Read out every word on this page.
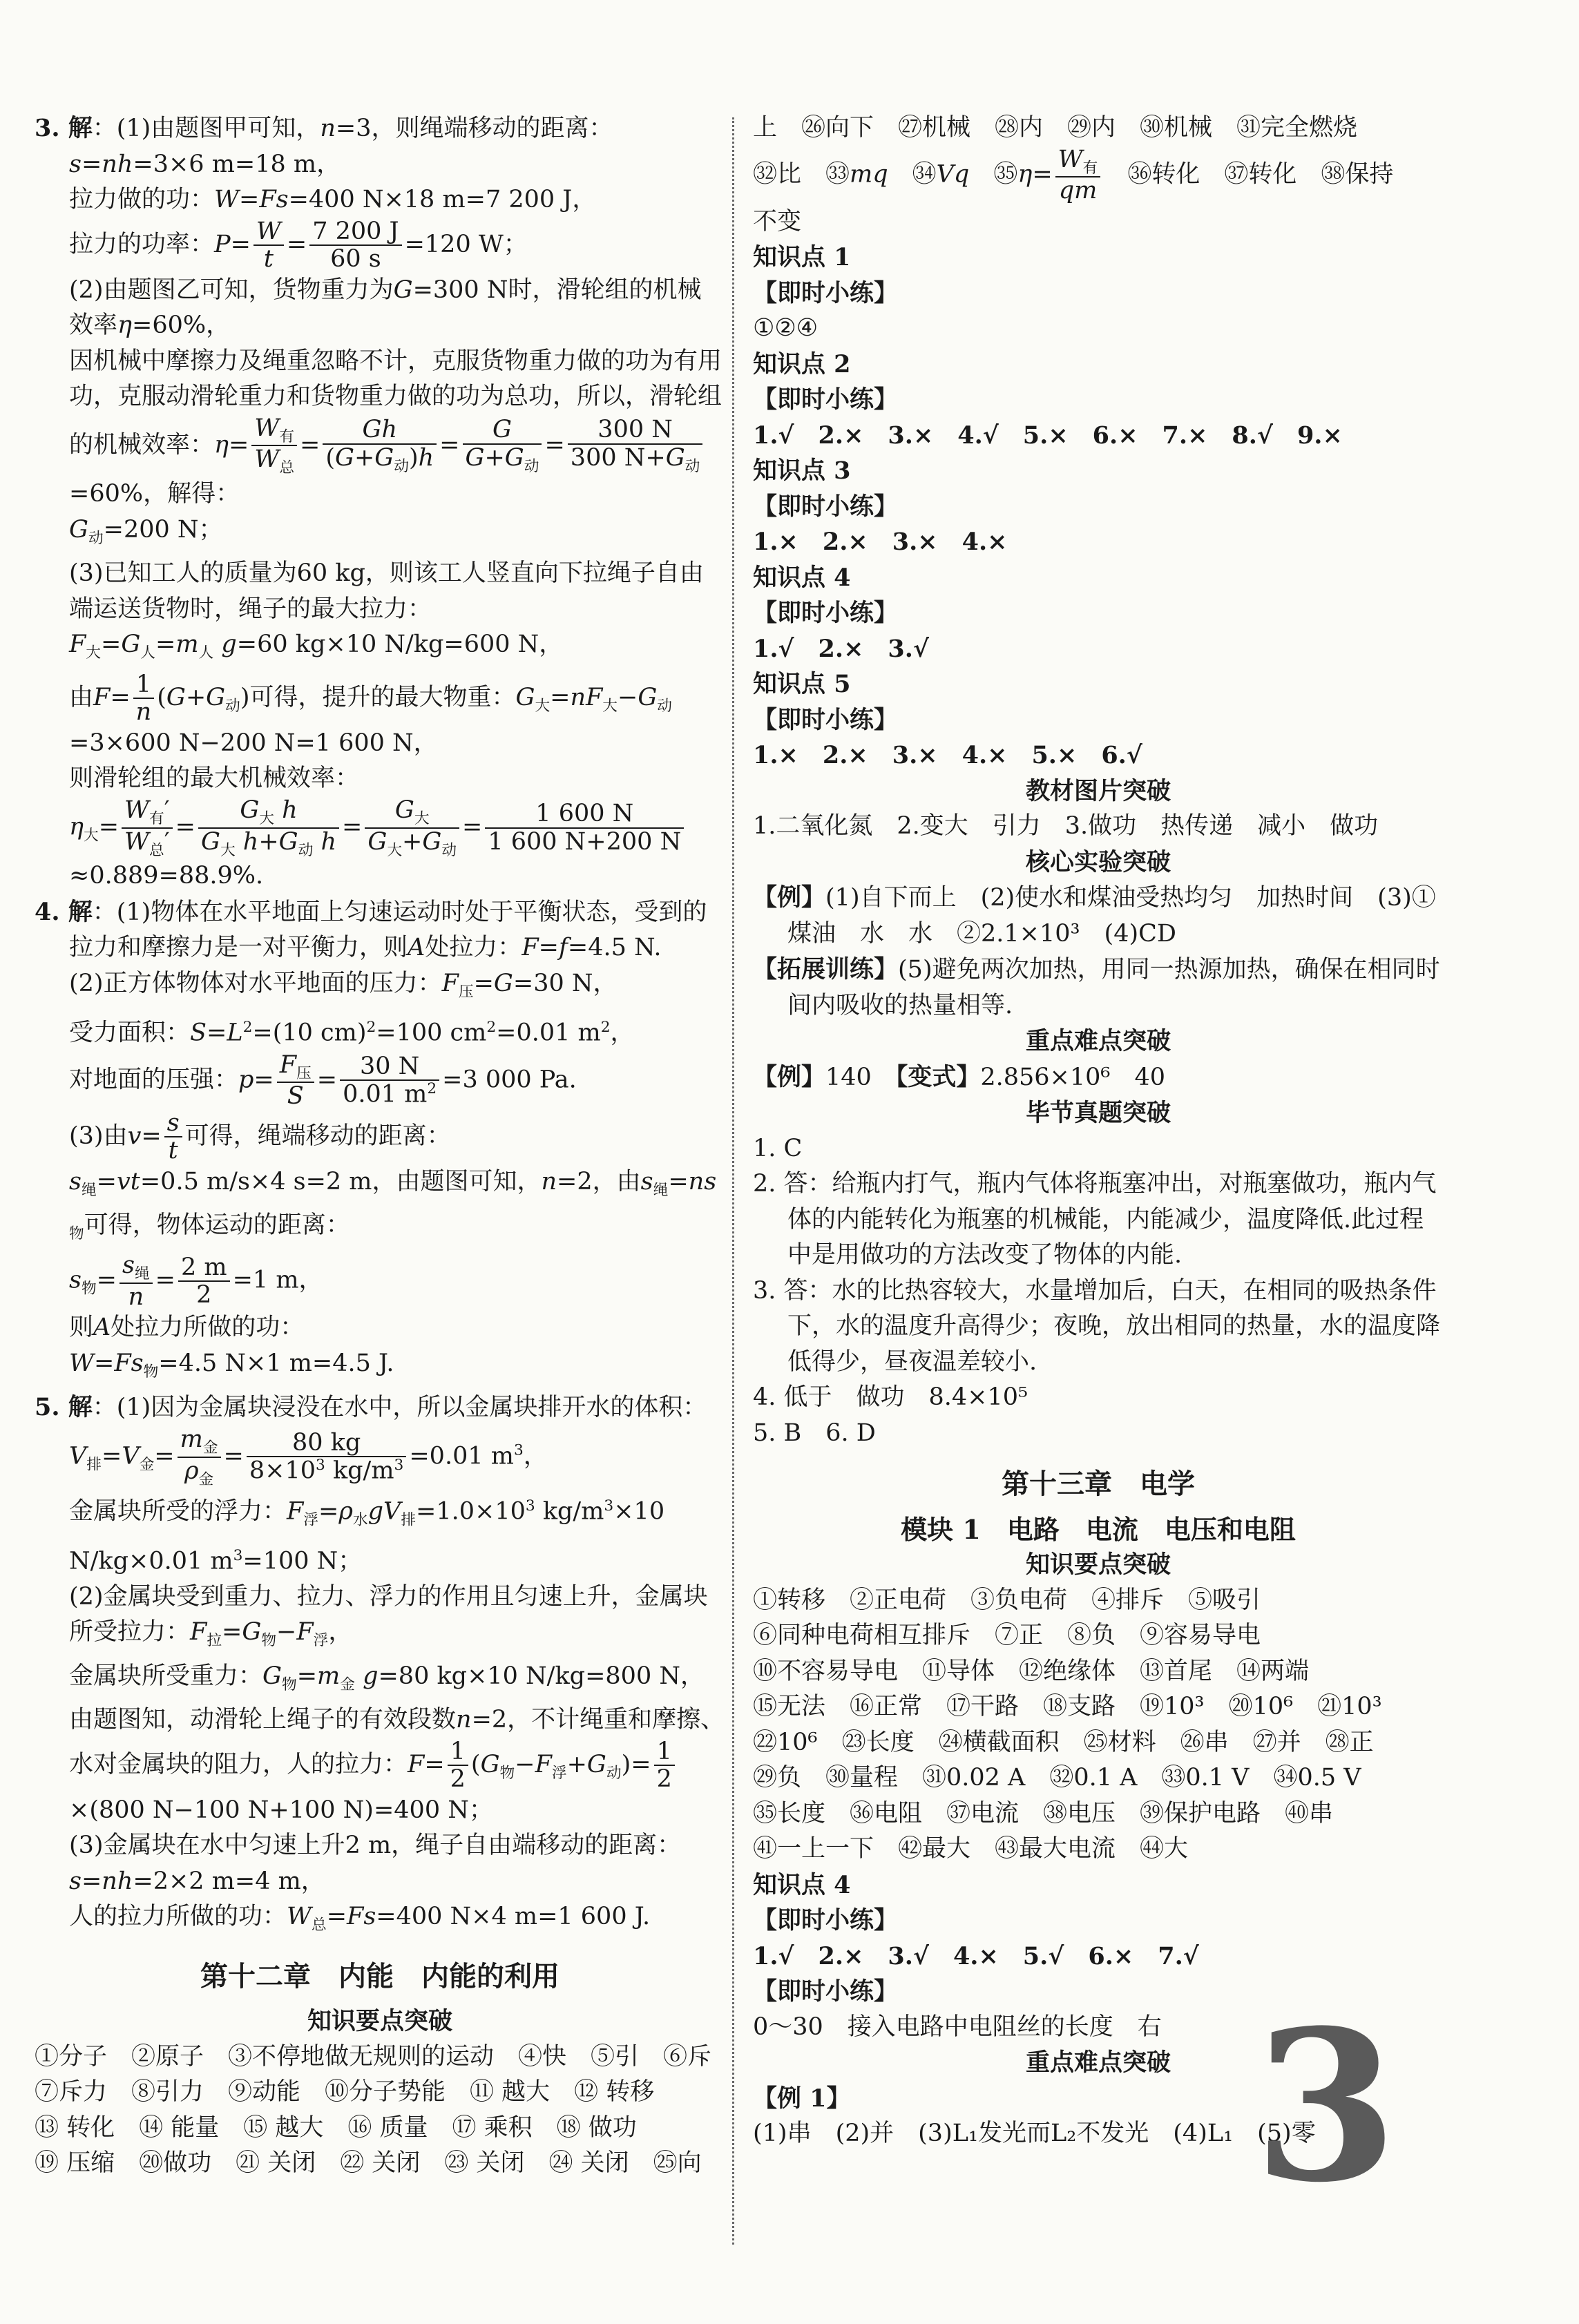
3. 解：(1)由题图甲可知，n=3，则绳端移动的距离：
s=nh=3×6 m=18 m，
拉力做的功：W=Fs=400 N×18 m=7 200 J，
拉力的功率：$P= \frac{W}{t} = \frac{7 200 J}{60 s} =120$ W；
(2)由题图乙可知，货物重力为G=300 N时，滑轮组的机械效率η=60%，
因机械中摩擦力及绳重忽略不计，克服货物重力做的功为有用功，克服动滑轮重力和货物重力做的功为总功，所以，滑轮组的机械效率：$\eta= \frac{W_有}{W_总} = \frac{Gh}{(G+G_动)h} = \frac{G}{G+G_动} = \frac{300 N}{300 N+G_动}$
=60%，解得：
$G_动=200$ N；
(3)已知工人的质量为60 kg，则该工人竖直向下拉绳子自由端运送货物时，绳子的最大拉力：
$F_大=G_人=m_人$ g=60 kg×10 N/kg=600 N，
由$F= \frac{1}{n} (G+G_动)$可得，提升的最大物重：$G_大=nF_大-G_动=3\times 600$ N−200 N=1 600 N，
则滑轮组的最大机械效率：
$\eta_大= \frac{W_有'}{W_总'} = \frac{G_大 h}{G_大 h+G_动 h} = \frac{G_大}{G_大+G_动} = \frac{1 600 N}{1 600 N+200 N}$
≈0.889=88.9%.
4. 解：(1)物体在水平地面上匀速运动时处于平衡状态，受到的拉力和摩擦力是一对平衡力，则A处拉力：F=f=4.5 N.
(2)正方体物体对水平地面的压力：$F_压=G=30$ N，
受力面积：$S=L^2=(10$ cm)$^2$=100 $cm^2=0.01$ $m^2$，
对地面的压强：$p= \frac{F_压}{S} = \frac{30 N}{0.01 m^2} =3$ 000 Pa.
(3)由$v= \frac{s}{t}$ 可得，绳端移动的距离：
$s_绳=vt=0.5$ m/s×4 s=2 m，由题图可知，n=2，由$s_绳=ns_物$可得，物体运动的距离：
$s_物= \frac{s_绳}{n} = \frac{2 m}{2} =1$ m，
则A处拉力所做的功：
$W=Fs_物=4.5$ N×1 m=4.5 J.
5. 解：(1)因为金属块浸没在水中，所以金属块排开水的体积：
$V_排=V_金= \frac{m_金}{\rho_金} = \frac{80 kg}{8\times 10^3 kg/m^3} =0.01$ $m^3$，
金属块所受的浮力：$F_浮=\rho_水gV_排=1.0\times 10^3$ $kg/m^3\times 10$ N/kg×0.01 $m^3=100$ N；
(2)金属块受到重力、拉力、浮力的作用且匀速上升，金属块所受拉力：$F_拉=G_物-F_浮$，
金属块所受重力：$G_物=m_金$ g=80 kg×10 N/kg=800 N，
由题图知，动滑轮上绳子的有效段数n=2，不计绳重和摩擦、水对金属块的阻力，人的拉力：$F= \frac{1}{2} (G_物-F_浮+G_动)= \frac{1}{2}$
×(800 N−100 N+100 N)=400 N；
(3)金属块在水中匀速上升2 m，绳子自由端移动的距离：
s=nh=2×2 m=4 m，
人的拉力所做的功：$W_总=Fs=400$ N×4 m=1 600 J.
第十二章　内能　内能的利用
知识要点突破
①分子　②原子　③不停地做无规则的运动　④快　⑤引　⑥斥
⑦斥力　⑧引力　⑨动能　⑩分子势能　⑪ 越大　⑫ 转移
⑬ 转化　⑭ 能量　⑮ 越大　⑯ 质量　⑰ 乘积　⑱ 做功
⑲ 压缩　⑳做功　㉑ 关闭　㉒ 关闭　㉓ 关闭　㉔ 关闭　㉕向
上　㉖向下　㉗机械　㉘内　㉙内　㉚机械　㉛完全燃烧
㉜比　㉝mq　㉞Vq　㉟η= $\frac{W_有}{qm}$ 　㊱转化　㊲转化　㊳保持
不变
知识点 1
【即时小练】
①②④
知识点 2
【即时小练】
1.√　2.×　3.×　4.√　5.×　6.×　7.×　8.√　9.×
知识点 3
【即时小练】
1.×　2.×　3.×　4.×
知识点 4
【即时小练】
1.√　2.×　3.√
知识点 5
【即时小练】
1.×　2.×　3.×　4.×　5.×　6.√
教材图片突破
1.二氧化氮　2.变大　引力　3.做功　热传递　减小　做功
核心实验突破
【例】(1)自下而上　(2)使水和煤油受热均匀　加热时间　(3)①煤油　水　水　②2.1×10³　(4)CD
【拓展训练】(5)避免两次加热，用同一热源加热，确保在相同时间内吸收的热量相等.
重点难点突破
【例】140　 【变式】2.856×10⁶　40
毕节真题突破
1. C
2. 答：给瓶内打气，瓶内气体将瓶塞冲出，对瓶塞做功，瓶内气体的内能转化为瓶塞的机械能，内能减少，温度降低.此过程中是用做功的方法改变了物体的内能.
3. 答：水的比热容较大，水量增加后，白天，在相同的吸热条件下，水的温度升高得少；夜晚，放出相同的热量，水的温度降低得少，昼夜温差较小.
4. 低于　做功　8.4×10⁵
5. B　6. D
第十三章　电学
模块 1　电路　电流　电压和电阻
知识要点突破
①转移　②正电荷　③负电荷　④排斥　⑤吸引
⑥同种电荷相互排斥　⑦正　⑧负　⑨容易导电
⑩不容易导电　⑪导体　⑫绝缘体　⑬首尾　⑭两端
⑮无法　⑯正常　⑰干路　⑱支路　⑲10³　⑳10⁶　㉑10³
㉒10⁶　㉓长度　㉔横截面积　㉕材料　㉖串　㉗并　㉘正
㉙负　㉚量程　㉛0.02 A　㉜0.1 A　㉝0.1 V　㉞0.5 V
㉟长度　㊱电阻　㊲电流　㊳电压　㊴保护电路　㊵串
㊶一上一下　㊷最大　㊸最大电流　㊹大
知识点 4
【即时小练】
1.√　2.×　3.√　4.×　5.√　6.×　7.√
【即时小练】
0～30　接入电路中电阻丝的长度　右
重点难点突破
【例 1】
(1)串　(2)并　(3)L₁发光而L₂不发光　(4)L₁　(5)零
3
